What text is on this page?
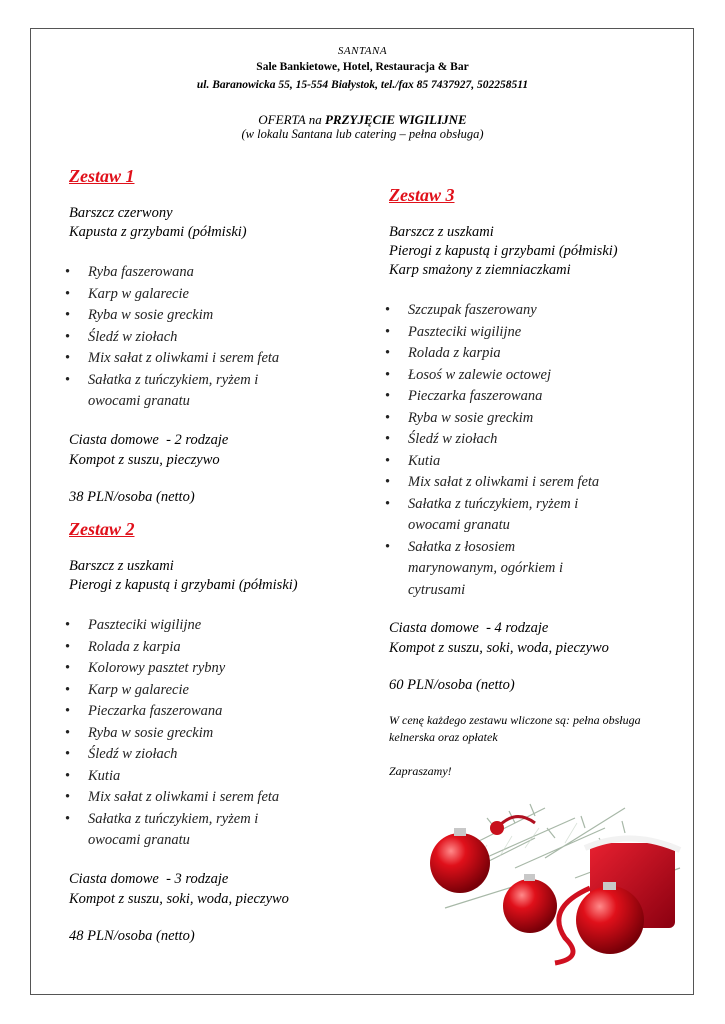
SANTANA
Sale Bankietowe, Hotel, Restauracja & Bar
ul. Baranowicka 55, 15-554 Białystok, tel./fax 85 7437927, 502258511
OFERTA na PRZYJĘCIE WIGILIJNE
(w lokalu Santana lub catering – pełna obsługa)
Zestaw 1
Barszcz czerwony
Kapusta z grzybami (półmiski)
• Ryba faszerowana
• Karp w galarecie
• Ryba w sosie greckim
• Śledź w ziołach
• Mix sałat z oliwkami i serem feta
• Sałatka z tuńczykiem, ryżem i owocami granatu
Ciasta domowe  - 2 rodzaje
Kompot z suszu, pieczywo
38 PLN/osoba (netto)
Zestaw 2
Barszcz z uszkami
Pierogi z kapustą i grzybami (półmiski)
• Paszteciki wigilijne
• Rolada z karpia
• Kolorowy pasztet rybny
• Karp w galarecie
• Pieczarka faszerowana
• Ryba w sosie greckim
• Śledź w ziołach
• Kutia
• Mix sałat z oliwkami i serem feta
• Sałatka z tuńczykiem, ryżem i owocami granatu
Ciasta domowe  - 3 rodzaje
Kompot z suszu, soki, woda, pieczywo
48 PLN/osoba (netto)
Zestaw 3
Barszcz z uszkami
Pierogi z kapustą i grzybami (półmiski)
Karp smażony z ziemniaczkami
• Szczupak faszerowany
• Paszteciki wigilijne
• Rolada z karpia
• Łosoś w zalewie octowej
• Pieczarka faszerowana
• Ryba w sosie greckim
• Śledź w ziołach
• Kutia
• Mix sałat z oliwkami i serem feta
• Sałatka z tuńczykiem, ryżem i owocami granatu
• Sałatka z łososiem marynowanym, ogórkiem i cytrusami
Ciasta domowe  - 4 rodzaje
Kompot z suszu, soki, woda, pieczywo
60 PLN/osoba (netto)
W cenę każdego zestawu wliczone są: pełna obsługa kelnerska oraz opłatek
Zapraszamy!
